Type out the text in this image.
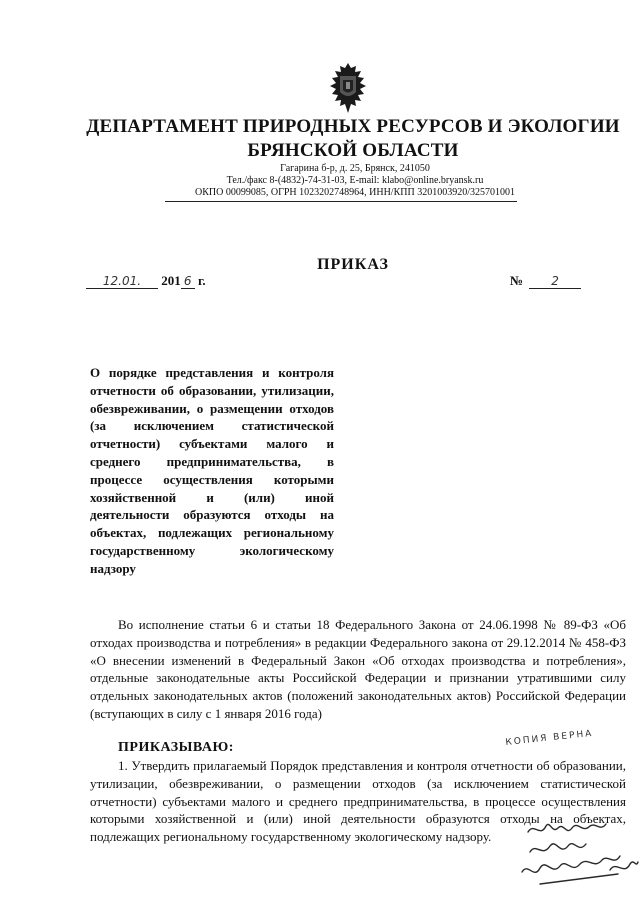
ДЕПАРТАМЕНТ ПРИРОДНЫХ РЕСУРСОВ И ЭКОЛОГИИ
БРЯНСКОЙ ОБЛАСТИ
Гагарина б-р, д. 25, Брянск, 241050
Тел./факс 8-(4832)-74-31-03, E-mail: klabo@online.bryansk.ru
ОКПО 00099085, ОГРН 1023202748964, ИНН/КПП 3201003920/325701001
ПРИКАЗ
12.01. 201 6 г.	№ 2

О порядке представления и контроля отчетности об образовании, утилизации, обезвреживании, о размещении отходов (за исключением статистической отчетности) субъектами малого и среднего предпринимательства, в процессе осуществления которыми хозяйственной и (или) иной деятельности образуются отходы на объектах, подлежащих региональному государственному экологическому надзору

Во исполнение статьи 6 и статьи 18 Федерального Закона от 24.06.1998 № 89-ФЗ «Об отходах производства и потребления» в редакции Федерального закона от 29.12.2014 № 458-ФЗ «О внесении изменений в Федеральный Закон «Об отходах производства и потребления», отдельные законодательные акты Российской Федерации и признании утратившими силу отдельных законодательных актов (положений законодательных актов) Российской Федерации (вступающих в силу с 1 января 2016 года)

ПРИКАЗЫВАЮ:	КОПИЯ ВЕРНА

1. Утвердить прилагаемый Порядок представления и контроля отчетности об образовании, утилизации, обезвреживании, о размещении отходов (за исключением статистической отчетности) субъектами малого и среднего предпринимательства, в процессе осуществления которыми хозяйственной и (или) иной деятельности образуются отходы на объектах, подлежащих региональному государственному экологическому надзору.
